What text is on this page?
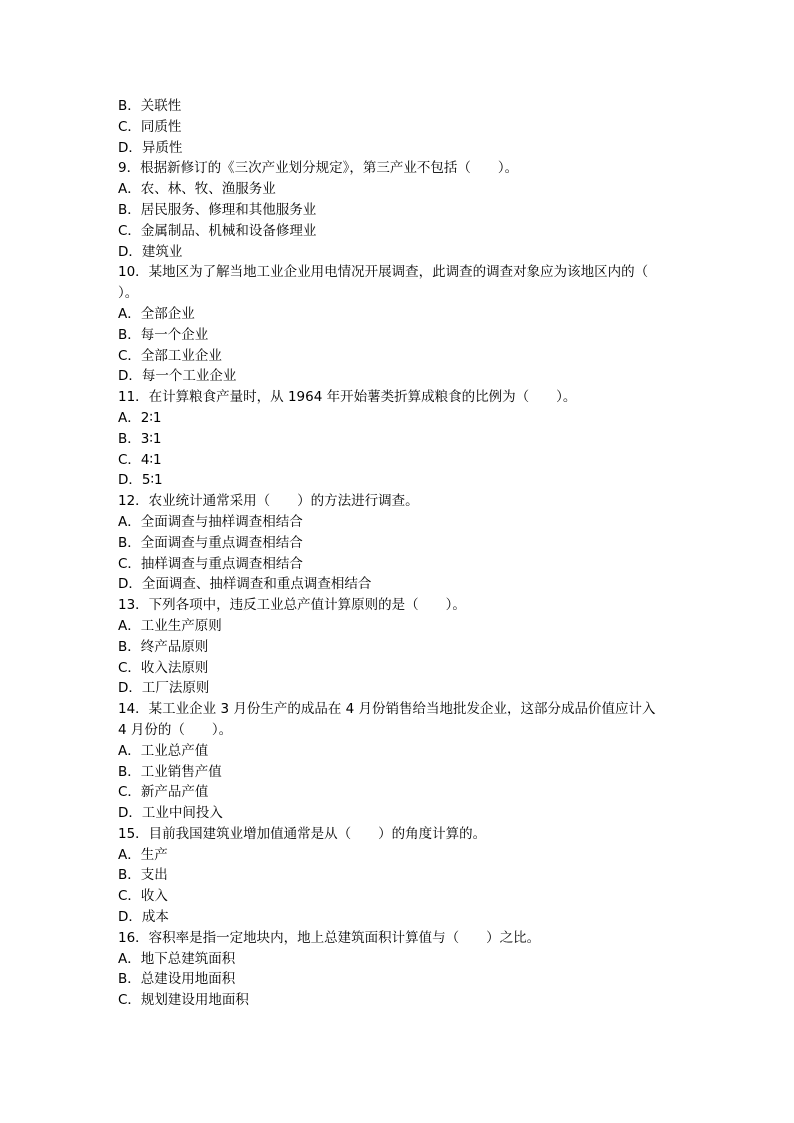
B．关联性
C．同质性
D．异质性
9．根据新修订的《三次产业划分规定》，第三产业不包括（　　）。
A．农、林、牧、渔服务业
B．居民服务、修理和其他服务业
C．金属制品、机械和设备修理业
D．建筑业
10．某地区为了解当地工业企业用电情况开展调查，此调查的调查对象应为该地区内的（
）。
A．全部企业
B．每一个企业
C．全部工业企业
D．每一个工业企业
11．在计算粮食产量时，从 1964 年开始薯类折算成粮食的比例为（　　）。
A．2∶1
B．3∶1
C．4∶1
D．5∶1
12．农业统计通常采用（　　）的方法进行调查。
A．全面调查与抽样调查相结合
B．全面调查与重点调查相结合
C．抽样调查与重点调查相结合
D．全面调查、抽样调查和重点调查相结合
13．下列各项中，违反工业总产值计算原则的是（　　）。
A．工业生产原则
B．终产品原则
C．收入法原则
D．工厂法原则
14．某工业企业 3 月份生产的成品在 4 月份销售给当地批发企业，这部分成品价值应计入
4 月份的（　　）。
A．工业总产值
B．工业销售产值
C．新产品产值
D．工业中间投入
15．目前我国建筑业增加值通常是从（　　）的角度计算的。
A．生产
B．支出
C．收入
D．成本
16．容积率是指一定地块内，地上总建筑面积计算值与（　　）之比。
A．地下总建筑面积
B．总建设用地面积
C．规划建设用地面积
